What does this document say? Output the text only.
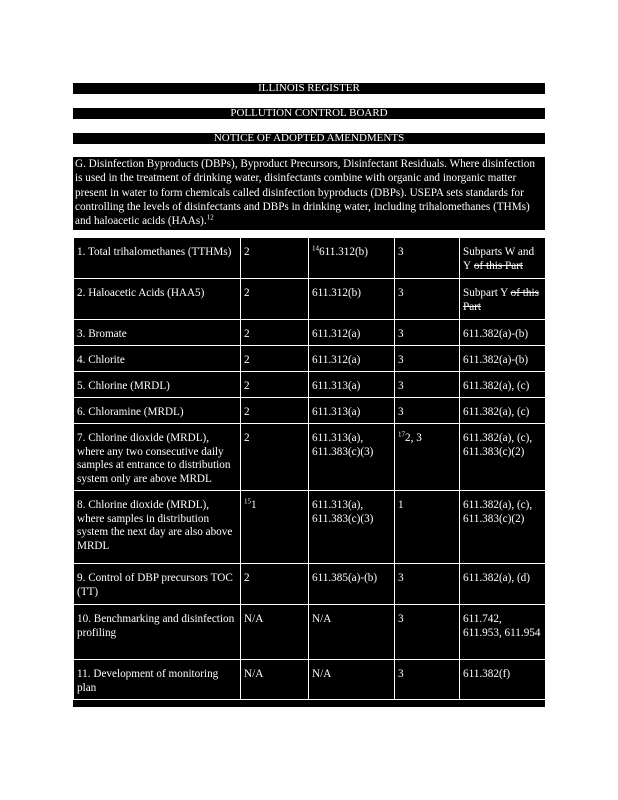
ILLINOIS REGISTER
POLLUTION CONTROL BOARD
NOTICE OF ADOPTED AMENDMENTS

G. Disinfection Byproducts (DBPs), Byproduct Precursors, Disinfectant Residuals. Where disinfection is used in the treatment of drinking water, disinfectants combine with organic and inorganic matter present in water to form chemicals called disinfection byproducts (DBPs). USEPA sets standards for controlling the levels of disinfectants and DBPs in drinking water, including trihalomethanes (THMs) and haloacetic acids (HAAs).$^{12}$

1. Total trihalomethanes (TTHMs)	2	$^{14}$611.312(b)	3	Subparts W and Y of this Part
2. Haloacetic Acids (HAA5)	2	611.312(b)	3	Subpart Y of this Part
3. Bromate	2	611.312(a)	3	611.382(a)-(b)
4. Chlorite	2	611.312(a)	3	611.382(a)-(b)
5. Chlorine (MRDL)	2	611.313(a)	3	611.382(a), (c)
6. Chloramine (MRDL)	2	611.313(a)	3	611.382(a), (c)
7. Chlorine dioxide (MRDL), where any two consecutive daily samples at entrance to distribution system only are above MRDL	2	611.313(a), 611.383(c)(3)	$^{17}$2, 3	611.382(a), (c), 611.383(c)(2)
8. Chlorine dioxide (MRDL), where samples in distribution system the next day are also above MRDL	$^{15}$1	611.313(a), 611.383(c)(3)	1	611.382(a), (c), 611.383(c)(2)
9. Control of DBP precursors TOC (TT)	2	611.385(a)-(b)	3	611.382(a), (d)
10. Benchmarking and disinfection profiling	N/A	N/A	3	611.742, 611.953, 611.954
11. Development of monitoring plan	N/A	N/A	3	611.382(f)
